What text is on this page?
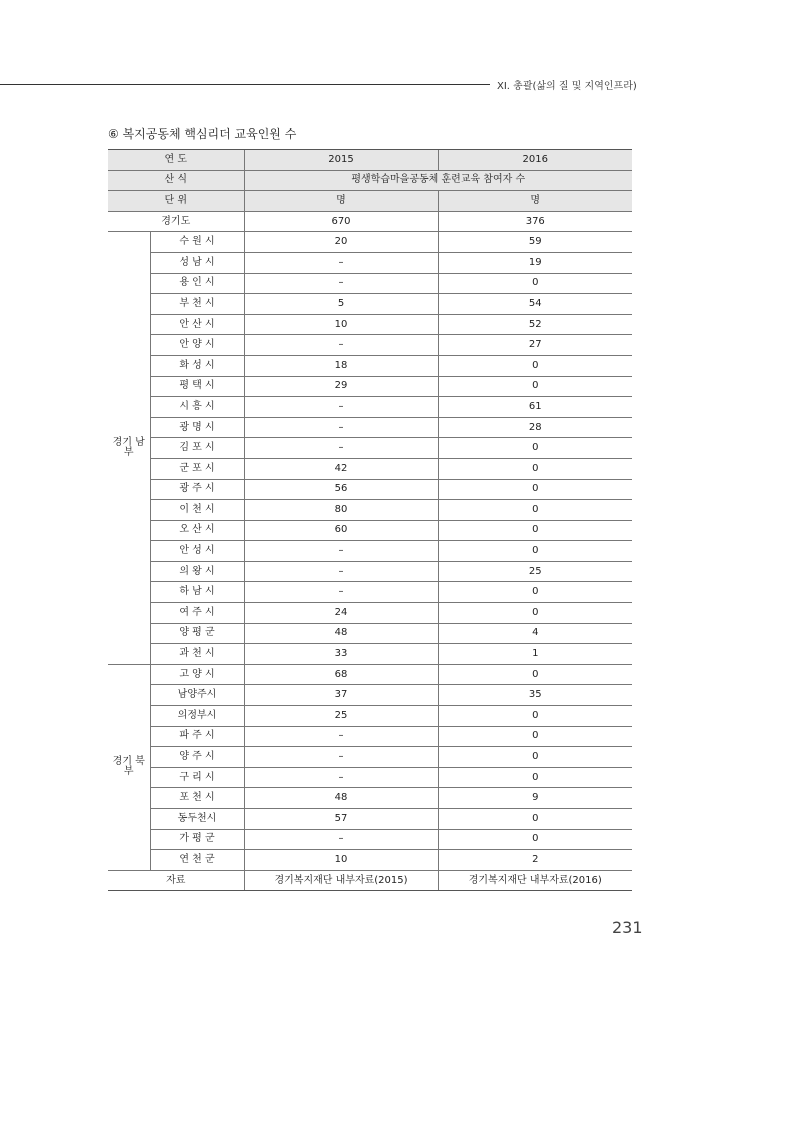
XI. 총괄(삶의 질 및 지역인프라)
⑥ 복지공동체 핵심리더 교육인원 수
연 도		2015	2016
산 식		평생학습마을공동체 훈련교육 참여자 수	
단 위		명	명
경기도		670	376
경기 남부	수 원 시	20	59
	성 남 시	–	19
	용 인 시	–	0
	부 천 시	5	54
	안 산 시	10	52
	안 양 시	–	27
	화 성 시	18	0
	평 택 시	29	0
	시 흥 시	–	61
	광 명 시	–	28
	김 포 시	–	0
	군 포 시	42	0
	광 주 시	56	0
	이 천 시	80	0
	오 산 시	60	0
	안 성 시	–	0
	의 왕 시	–	25
	하 남 시	–	0
	여 주 시	24	0
	양 평 군	48	4
	과 천 시	33	1
경기 북부	고 양 시	68	0
	남양주시	37	35
	의정부시	25	0
	파 주 시	–	0
	양 주 시	–	0
	구 리 시	–	0
	포 천 시	48	9
	동두천시	57	0
	가 평 군	–	0
	연 천 군	10	2
자료		경기복지재단 내부자료(2015)	경기복지재단 내부자료(2016)
231
